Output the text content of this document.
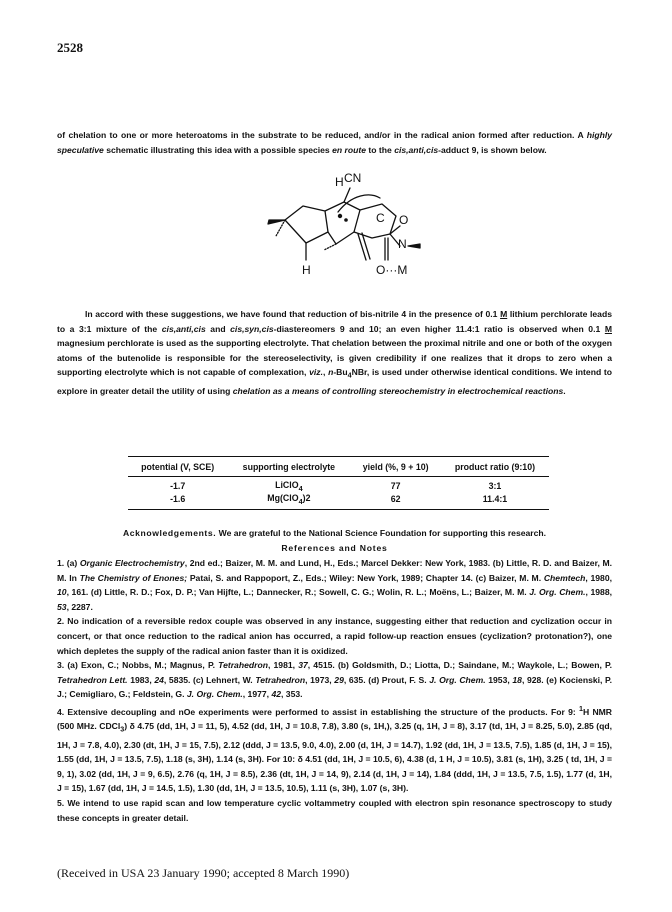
2528

of chelation to one or more heteroatoms in the substrate to be reduced, and/or in the radical anion formed after reduction. A highly speculative schematic illustrating this idea with a possible species en route to the cis,anti,cis-adduct 9, is shown below.

H CN
C O
N
H	O···M

In accord with these suggestions, we have found that reduction of bis-nitrile 4 in the presence of 0.1 M lithium perchlorate leads to a 3:1 mixture of the cis,anti,cis and cis,syn,cis-diastereomers 9 and 10; an even higher 11.4:1 ratio is observed when 0.1 M magnesium perchlorate is used as the supporting electrolyte. That chelation between the proximal nitrile and one or both of the oxygen atoms of the butenolide is responsible for the stereoselectivity, is given credibility if one realizes that it drops to zero when a supporting electrolyte which is not capable of complexation, viz., $n-Bu_4NBr$, is used under otherwise identical conditions. We intend to explore in greater detail the utility of using chelation as a means of controlling stereochemistry in electrochemical reactions.

potential (V, SCE)	supporting electrolyte	yield (%, 9 + 10)	product ratio (9:10)
-1.7	LiClO$_4$	77	3:1
-1.6	Mg(ClO$_4$)2	62	11.4:1
Acknowledgements. We are grateful to the National Science Foundation for supporting this research.
References and Notes

1. (a) Organic Electrochemistry, 2nd ed.; Baizer, M. M. and Lund, H., Eds.; Marcel Dekker: New York, 1983. (b) Little, R. D. and Baizer, M. M. In The Chemistry of Enones; Patai, S. and Rappoport, Z., Eds.; Wiley: New York, 1989; Chapter 14. (c) Baizer, M. M. Chemtech, 1980, 10, 161. (d) Little, R. D.; Fox, D. P.; Van Hijfte, L.; Dannecker, R.; Sowell, C. G.; Wolin, R. L.; Moëns, L.; Baizer, M. M. J. Org. Chem., 1988, 53, 2287.

2. No indication of a reversible redox couple was observed in any instance, suggesting either that reduction and cyclization occur in concert, or that once reduction to the radical anion has occurred, a rapid follow-up reaction ensues (cyclization? protonation?), one which depletes the supply of the radical anion faster than it is oxidized.

3. (a) Exon, C.; Nobbs, M.; Magnus, P. Tetrahedron, 1981, 37, 4515. (b) Goldsmith, D.; Liotta, D.; Saindane, M.; Waykole, L.; Bowen, P. Tetrahedron Lett. 1983, 24, 5835. (c) Lehnert, W. Tetrahedron, 1973, 29, 635. (d) Prout, F. S. J. Org. Chem. 1953, 18, 928. (e) Kocienski, P. J.; Cemigliaro, G.; Feldstein, G. J. Org. Chem., 1977, 42, 353.

4. Extensive decoupling and nOe experiments were performed to assist in establishing the structure of the products. For 9: $^1$H NMR (500 MHz. CDCl$_3$) δ 4.75 (dd, 1H, J = 11, 5), 4.52 (dd, 1H, J = 10.8, 7.8), 3.80 (s, 1H,), 3.25 (q, 1H, J = 8), 3.17 (td, 1H, J = 8.25, 5.0), 2.85 (qd, 1H, J = 7.8, 4.0), 2.30 (dt, 1H, J = 15, 7.5), 2.12 (ddd, J = 13.5, 9.0, 4.0), 2.00 (d, 1H, J = 14.7), 1.92 (dd, 1H, J = 13.5, 7.5), 1.85 (d, 1H, J = 15), 1.55 (dd, 1H, J = 13.5, 7.5), 1.18 (s, 3H), 1.14 (s, 3H). For 10: δ 4.51 (dd, 1H, J = 10.5, 6), 4.38 (d, 1 H, J = 10.5), 3.81 (s, 1H), 3.25 ( td, 1H, J = 9, 1), 3.02 (dd, 1H, J = 9, 6.5), 2.76 (q, 1H, J = 8.5), 2.36 (dt, 1H, J = 14, 9), 2.14 (d, 1H, J = 14), 1.84 (ddd, 1H, J = 13.5, 7.5, 1.5), 1.77 (d, 1H, J = 15), 1.67 (dd, 1H, J = 14.5, 1.5), 1.30 (dd, 1H, J = 13.5, 10.5), 1.11 (s, 3H), 1.07 (s, 3H).

5. We intend to use rapid scan and low temperature cyclic voltammetry coupled with electron spin resonance spectroscopy to study these concepts in greater detail.

(Received in USA 23 January 1990; accepted 8 March 1990)
